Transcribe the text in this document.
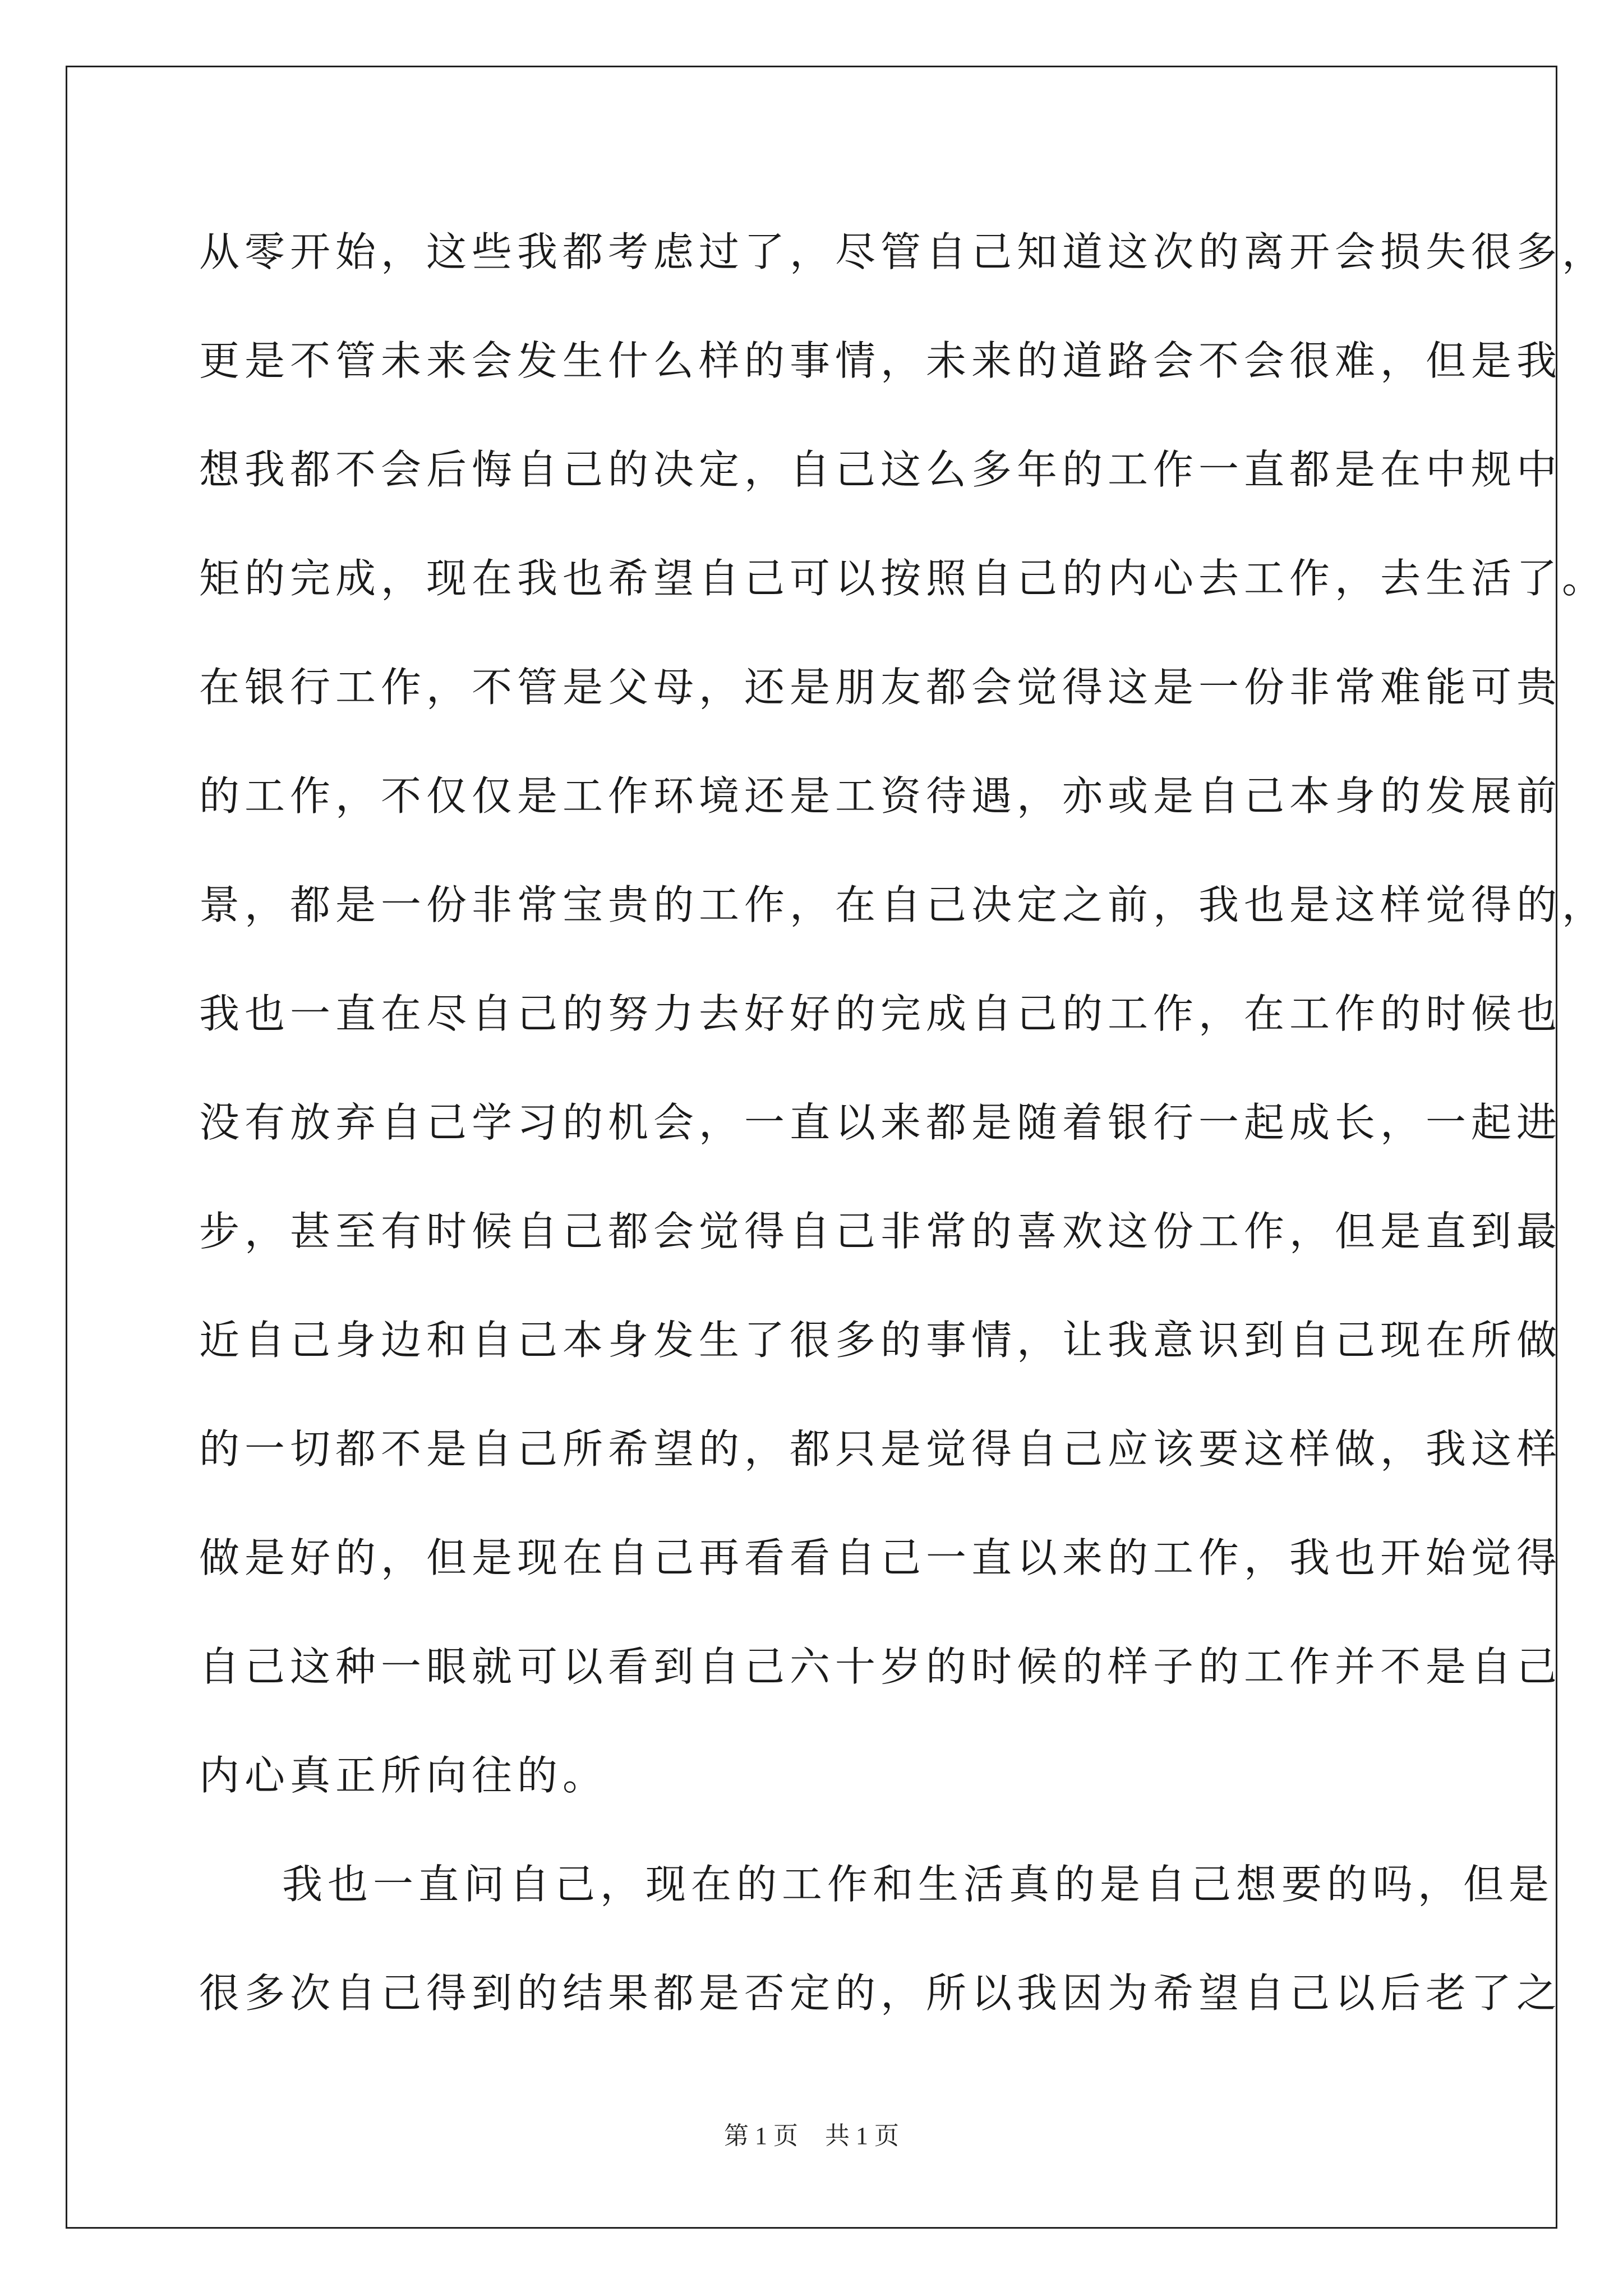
从零开始，这些我都考虑过了，尽管自己知道这次的离开会损失很多，
更是不管未来会发生什么样的事情，未来的道路会不会很难，但是我
想我都不会后悔自己的决定，自己这么多年的工作一直都是在中规中
矩的完成，现在我也希望自己可以按照自己的内心去工作，去生活了。
在银行工作，不管是父母，还是朋友都会觉得这是一份非常难能可贵
的工作，不仅仅是工作环境还是工资待遇，亦或是自己本身的发展前
景，都是一份非常宝贵的工作，在自己决定之前，我也是这样觉得的，
我也一直在尽自己的努力去好好的完成自己的工作，在工作的时候也
没有放弃自己学习的机会，一直以来都是随着银行一起成长，一起进
步，甚至有时候自己都会觉得自己非常的喜欢这份工作，但是直到最
近自己身边和自己本身发生了很多的事情，让我意识到自己现在所做
的一切都不是自己所希望的，都只是觉得自己应该要这样做，我这样
做是好的，但是现在自己再看看自己一直以来的工作，我也开始觉得
自己这种一眼就可以看到自己六十岁的时候的样子的工作并不是自己
内心真正所向往的。
我也一直问自己，现在的工作和生活真的是自己想要的吗，但是
很多次自己得到的结果都是否定的，所以我因为希望自己以后老了之
第 1 页 共 1 页
